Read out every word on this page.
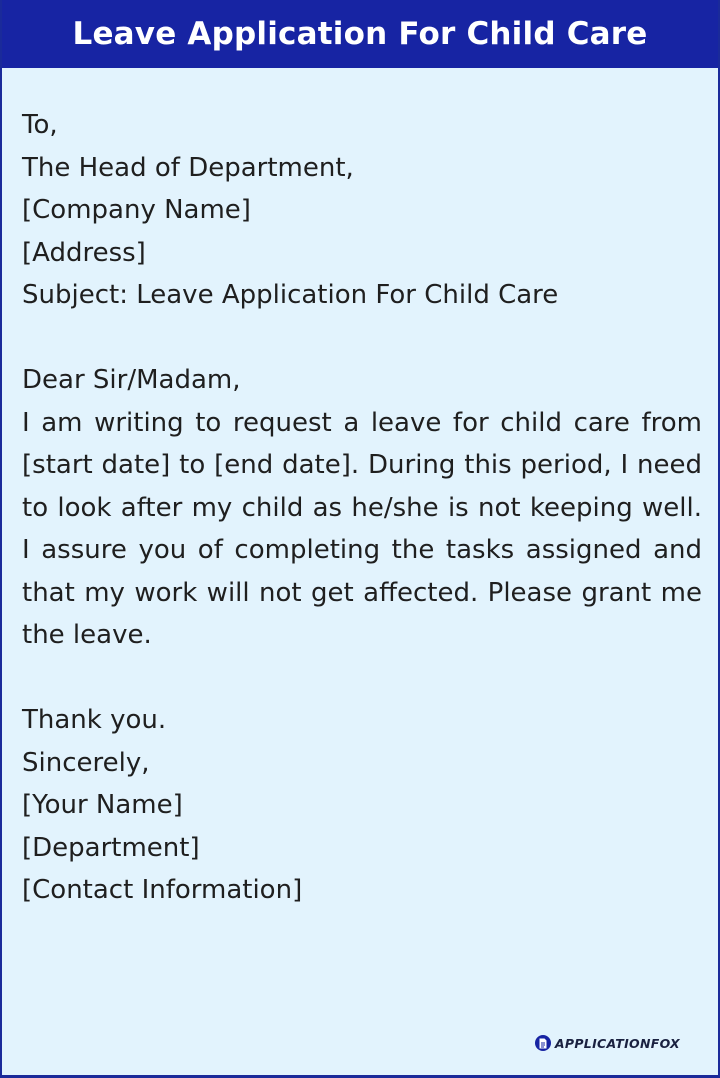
Leave Application For Child Care
To,
The Head of Department,
[Company Name]
[Address]
Subject: Leave Application For Child Care
Dear Sir/Madam,
I am writing to request a leave for child care from [start date] to [end date]. During this period, I need to look after my child as he/she is not keeping well. I assure you of completing the tasks assigned and that my work will not get affected. Please grant me the leave.
Thank you.
Sincerely,
[Your Name]
[Department]
[Contact Information]
APPLICATIONFOX
